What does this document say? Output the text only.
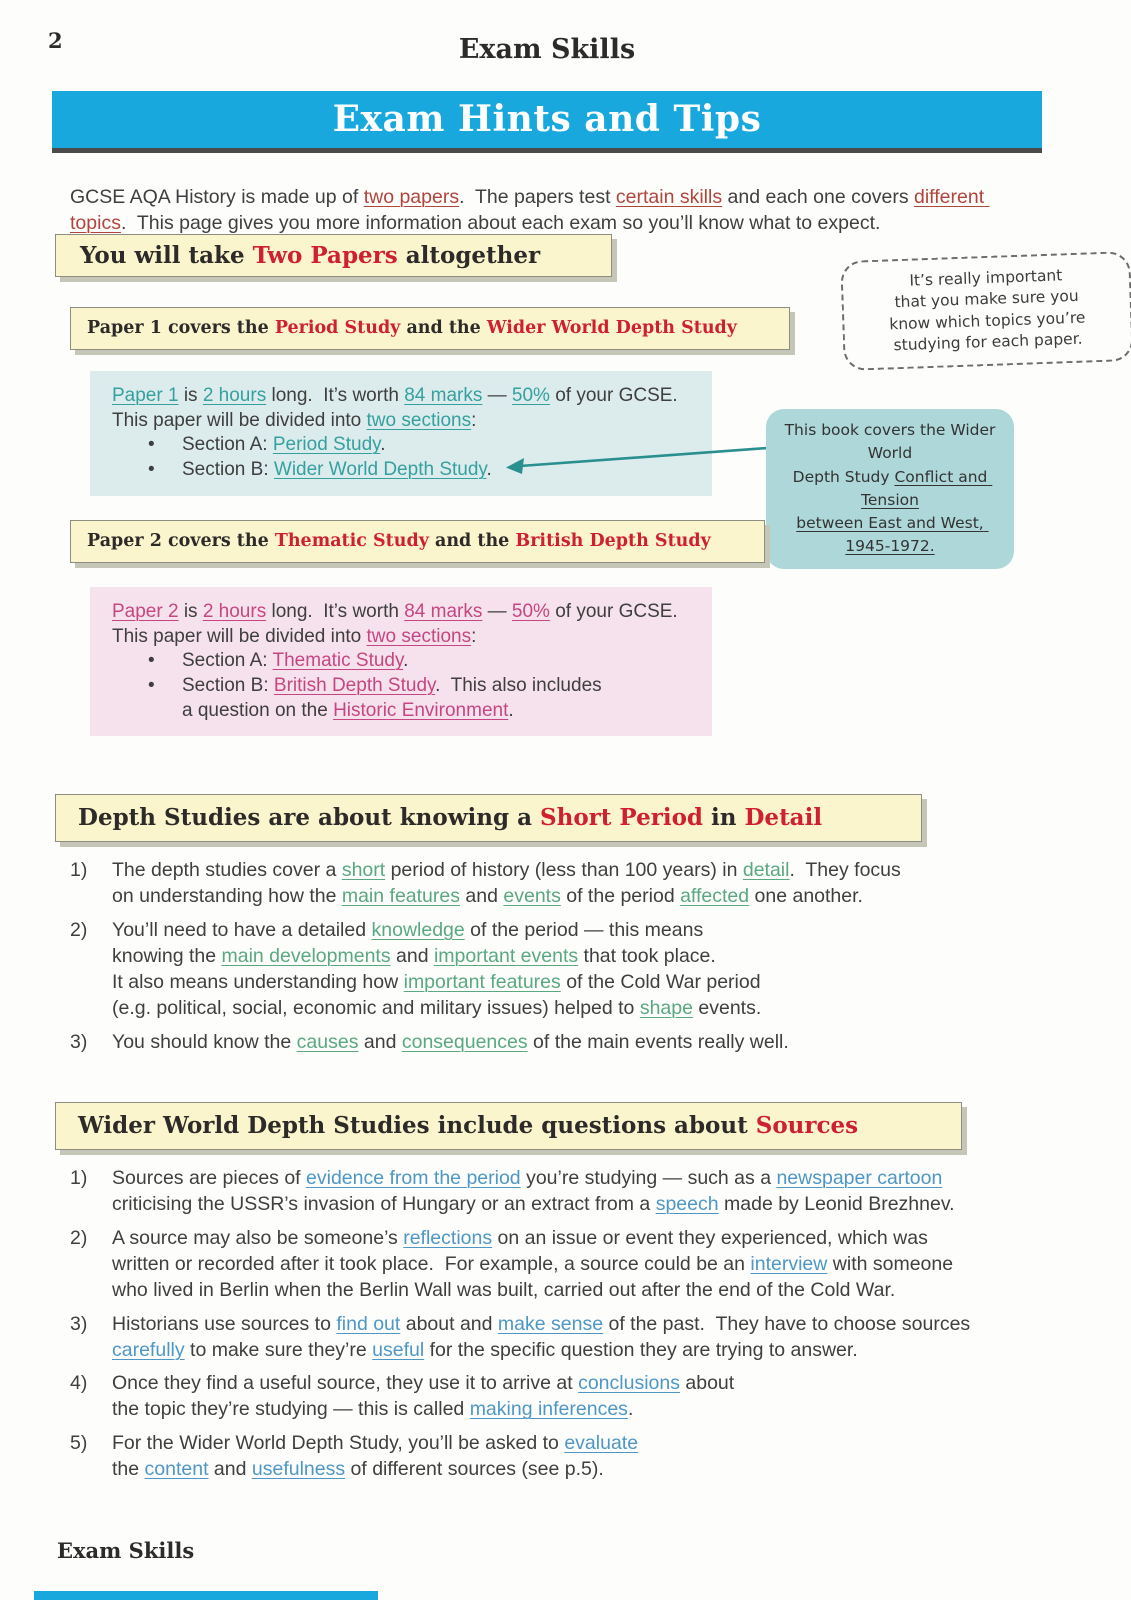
2	Exam Skills
Exam Hints and Tips

GCSE AQA History is made up of two papers.  The papers test certain skills and each one covers different topics.  This page gives you more information about each exam so you’ll know what to expect.

You will take Two Papers altogether
It’s really important
that you make sure you
know which topics you’re
studying for each paper.
Paper 1 covers the Period Study and the Wider World Depth Study
Paper 1 is 2 hours long.  It’s worth 84 marks — 50% of your GCSE.
This paper will be divided into two sections:
•	Section A: Period Study.
•	Section B: Wider World Depth Study.
This book covers the Wider World
Depth Study Conflict and Tension
between East and West, 1945-1972.
Paper 2 covers the Thematic Study and the British Depth Study
Paper 2 is 2 hours long.  It’s worth 84 marks — 50% of your GCSE.
This paper will be divided into two sections:
•	Section A: Thematic Study.
•	Section B: British Depth Study.  This also includes
a question on the Historic Environment.
Depth Studies are about knowing a Short Period in Detail
1)	The depth studies cover a short period of history (less than 100 years) in detail.  They focus
on understanding how the main features and events of the period affected one another.
2)	You’ll need to have a detailed knowledge of the period — this means
knowing the main developments and important events that took place.
It also means understanding how important features of the Cold War period
(e.g. political, social, economic and military issues) helped to shape events.
3)	You should know the causes and consequences of the main events really well.
Wider World Depth Studies include questions about Sources
1)	Sources are pieces of evidence from the period you’re studying — such as a newspaper cartoon
criticising the USSR’s invasion of Hungary or an extract from a speech made by Leonid Brezhnev.
2)	A source may also be someone’s reflections on an issue or event they experienced, which was
written or recorded after it took place.  For example, a source could be an interview with someone
who lived in Berlin when the Berlin Wall was built, carried out after the end of the Cold War.
3)	Historians use sources to find out about and make sense of the past.  They have to choose sources
carefully to make sure they’re useful for the specific question they are trying to answer.
4)	Once they find a useful source, they use it to arrive at conclusions about
the topic they’re studying — this is called making inferences.
5)	For the Wider World Depth Study, you’ll be asked to evaluate
the content and usefulness of different sources (see p.5).
Exam Skills
